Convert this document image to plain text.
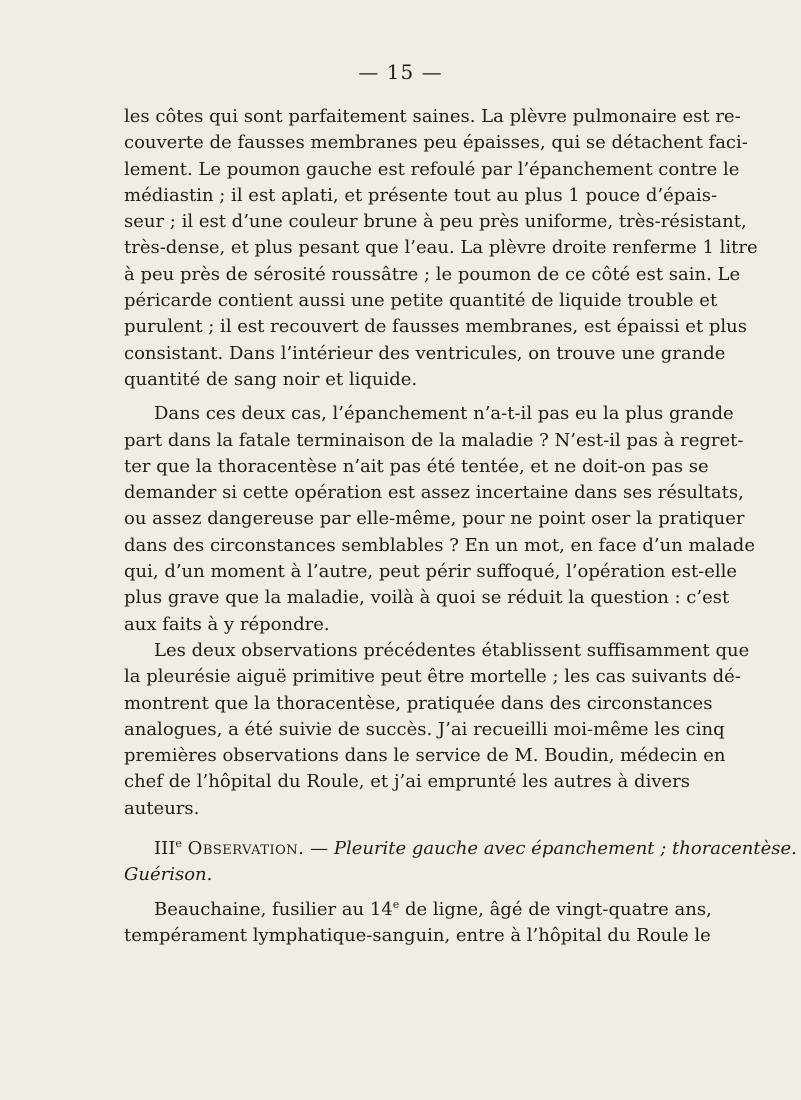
— 15 —

les côtes qui sont parfaitement saines. La plèvre pulmonaire est re-
couverte de fausses membranes peu épaisses, qui se détachent faci-
lement. Le poumon gauche est refoulé par l’épanchement contre le
médiastin ; il est aplati, et présente tout au plus 1 pouce d’épais-
seur ; il est d’une couleur brune à peu près uniforme, très-résistant,
très-dense, et plus pesant que l’eau. La plèvre droite renferme 1 litre
à peu près de sérosité roussâtre ; le poumon de ce côté est sain. Le
péricarde contient aussi une petite quantité de liquide trouble et
purulent ; il est recouvert de fausses membranes, est épaissi et plus
consistant. Dans l’intérieur des ventricules, on trouve une grande
quantité de sang noir et liquide.

Dans ces deux cas, l’épanchement n’a-t-il pas eu la plus grande
part dans la fatale terminaison de la maladie ? N’est-il pas à regret-
ter que la thoracentèse n’ait pas été tentée, et ne doit-on pas se
demander si cette opération est assez incertaine dans ses résultats,
ou assez dangereuse par elle-même, pour ne point oser la pratiquer
dans des circonstances semblables ? En un mot, en face d’un malade
qui, d’un moment à l’autre, peut périr suffoqué, l’opération est-elle
plus grave que la maladie, voilà à quoi se réduit la question : c’est
aux faits à y répondre.

Les deux observations précédentes établissent suffisamment que
la pleurésie aiguë primitive peut être mortelle ; les cas suivants dé-
montrent que la thoracentèse, pratiquée dans des circonstances
analogues, a été suivie de succès. J’ai recueilli moi-même les cinq
premières observations dans le service de M. Boudin, médecin en
chef de l’hôpital du Roule, et j’ai emprunté les autres à divers
auteurs.

IIIe Observation. — Pleurite gauche avec épanchement ; thoracentèse.
Guérison.

Beauchaine, fusilier au 14e de ligne, âgé de vingt-quatre ans,
tempérament lymphatique-sanguin, entre à l’hôpital du Roule le
